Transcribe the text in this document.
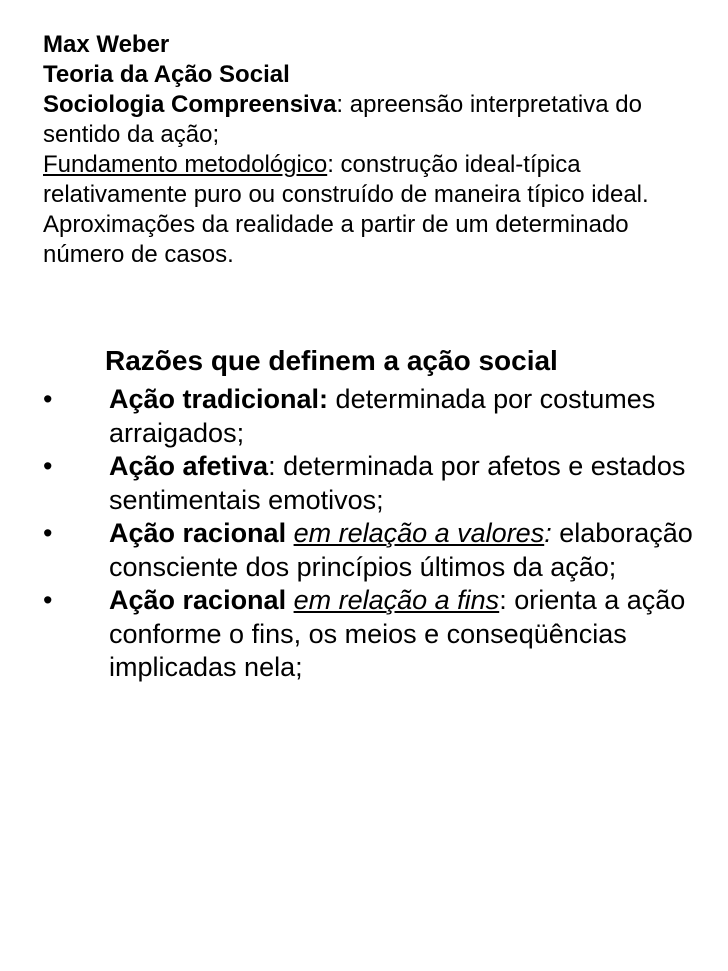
Max Weber

Teoria da Ação Social

Sociologia Compreensiva: apreensão interpretativa do sentido da ação;

Fundamento metodológico: construção ideal-típica relativamente puro ou construído de maneira típico ideal. Aproximações da realidade a partir de um determinado número de casos.

Razões que definem a ação social
•	Ação tradicional: determinada por costumes arraigados;
•	Ação afetiva: determinada por afetos e estados sentimentais emotivos;
•	Ação racional em relação a valores: elaboração consciente dos princípios últimos da ação;
•	Ação racional em relação a fins: orienta a ação conforme o fins, os meios e conseqüências implicadas nela;
